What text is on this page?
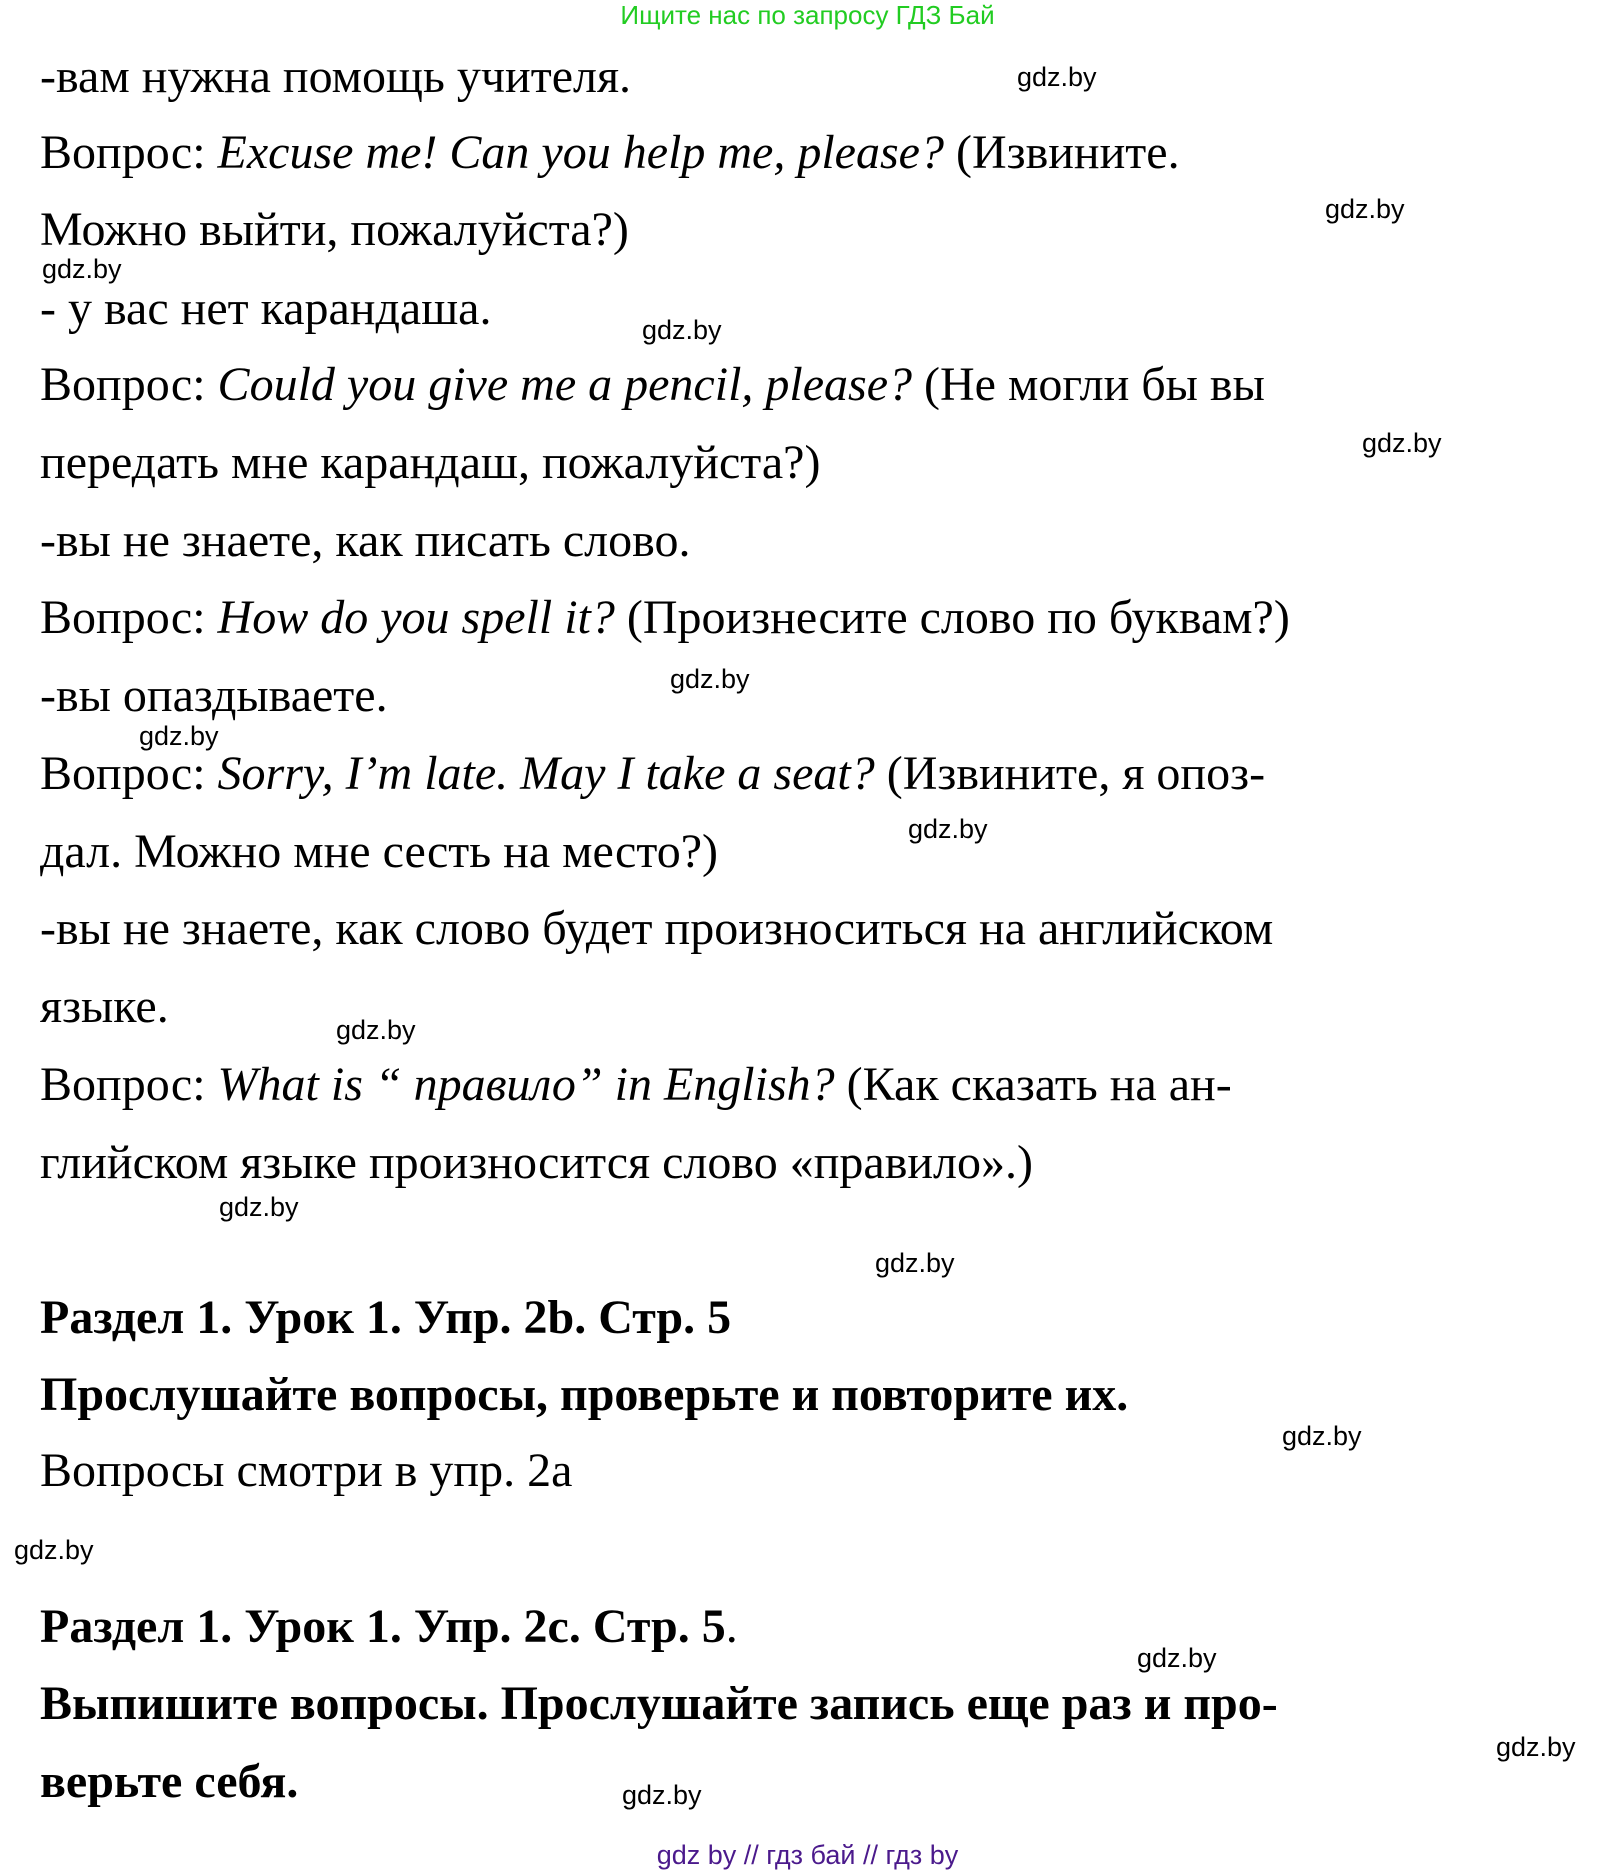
Ищите нас по запросу ГДЗ Бай
-вам нужна помощь учителя.
Вопрос: Excuse me! Can you help me, please? (Извините.
Можно выйти, пожалуйста?)
- у вас нет карандаша.
Вопрос: Could you give me a pencil, please? (Не могли бы вы
передать мне карандаш, пожалуйста?)
-вы не знаете, как писать слово.
Вопрос: How do you spell it? (Произнесите слово по буквам?)
-вы опаздываете.
Вопрос: Sorry, I’m late. May I take a seat? (Извините, я опоз-
дал. Можно мне сесть на место?)
-вы не знаете, как слово будет произноситься на английском
языке.
Вопрос: What is “ правило” in English? (Как сказать на ан-
глийском языке произносится слово «правило».)
Раздел 1. Урок 1. Упр. 2b. Стр. 5
Прослушайте вопросы, проверьте и повторите их.
Вопросы смотри в упр. 2а
Раздел 1. Урок 1. Упр. 2c. Стр. 5.
Выпишите вопросы. Прослушайте запись еще раз и про-
верьте себя.
gdz.by
gdz.by
gdz.by
gdz.by
gdz.by
gdz.by
gdz.by
gdz.by
gdz.by
gdz.by
gdz.by
gdz.by
gdz.by
gdz.by
gdz.by
gdz.by
gdz by // гдз бай // гдз by
